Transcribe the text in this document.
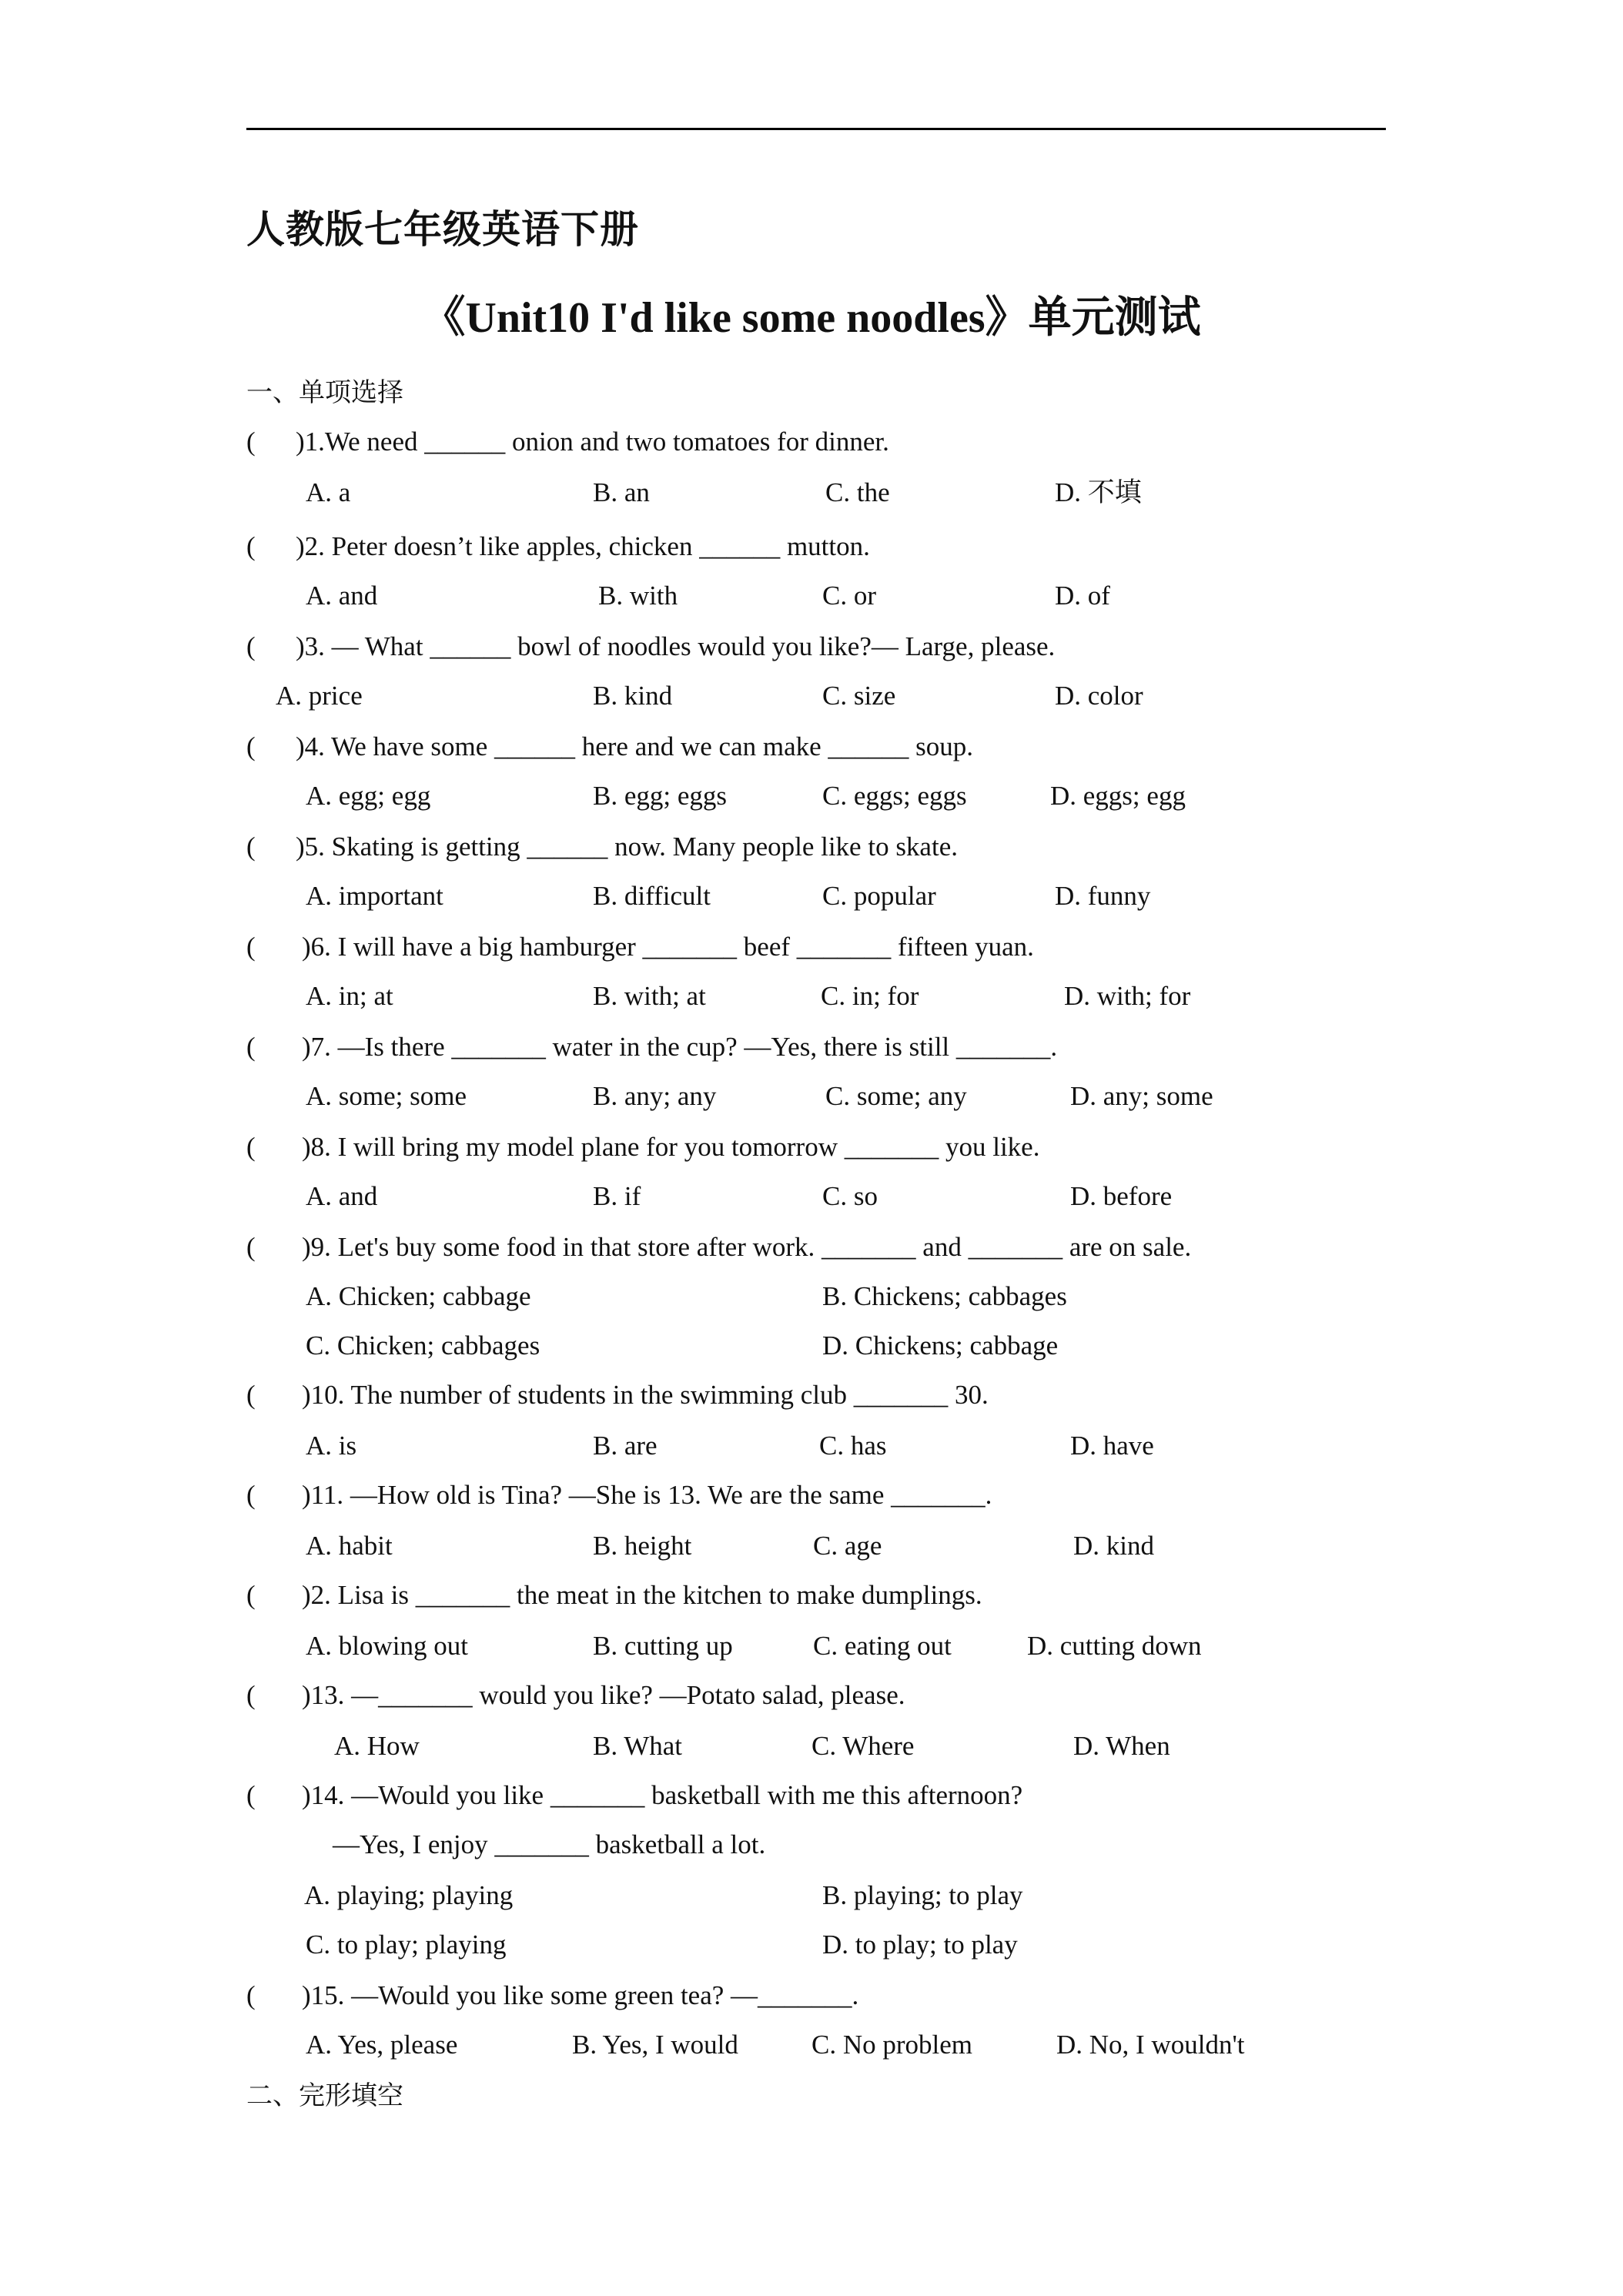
人教版七年级英语下册
《Unit10 I'd like some noodles》单元测试
一、单项选择
( )1.We need ______ onion and two tomatoes for dinner.
A. a	B. an	C. the	D. 不填
( )2. Peter doesn’t like apples, chicken ______ mutton.
A. and	B. with	C. or	D. of
( )3. — What ______ bowl of noodles would you like?— Large, please.
A. price	B. kind	C. size	D. color
( )4. We have some ______ here and we can make ______ soup.
A. egg; egg	B. egg; eggs	C. eggs; eggs	D. eggs; egg
( )5. Skating is getting ______ now. Many people like to skate.
A. important	B. difficult	C. popular	D. funny
( )6. I will have a big hamburger _______ beef _______ fifteen yuan.
A. in; at	B. with; at	C. in; for	D. with; for
( )7. —Is there _______ water in the cup? —Yes, there is still _______.
A. some; some	B. any; any	C. some; any	D. any; some
( )8. I will bring my model plane for you tomorrow _______ you like.
A. and	B. if	C. so	D. before
( )9. Let's buy some food in that store after work. _______ and _______ are on sale.
A. Chicken; cabbage	B. Chickens; cabbages
C. Chicken; cabbages	D. Chickens; cabbage
( )10. The number of students in the swimming club _______ 30.
A. is	B. are	C. has	D. have
( )11. —How old is Tina? —She is 13. We are the same _______.
A. habit	B. height	C. age	D. kind
( )2. Lisa is _______ the meat in the kitchen to make dumplings.
A. blowing out	B. cutting up	C. eating out	D. cutting down
( )13. —_______ would you like? —Potato salad, please.
A. How	B. What	C. Where	D. When
( )14. —Would you like _______ basketball with me this afternoon?
—Yes, I enjoy _______ basketball a lot.
A. playing; playing	B. playing; to play
C. to play; playing	D. to play; to play
( )15. —Would you like some green tea? —_______.
A. Yes, please	B. Yes, I would	C. No problem	D. No, I wouldn't
二、完形填空
